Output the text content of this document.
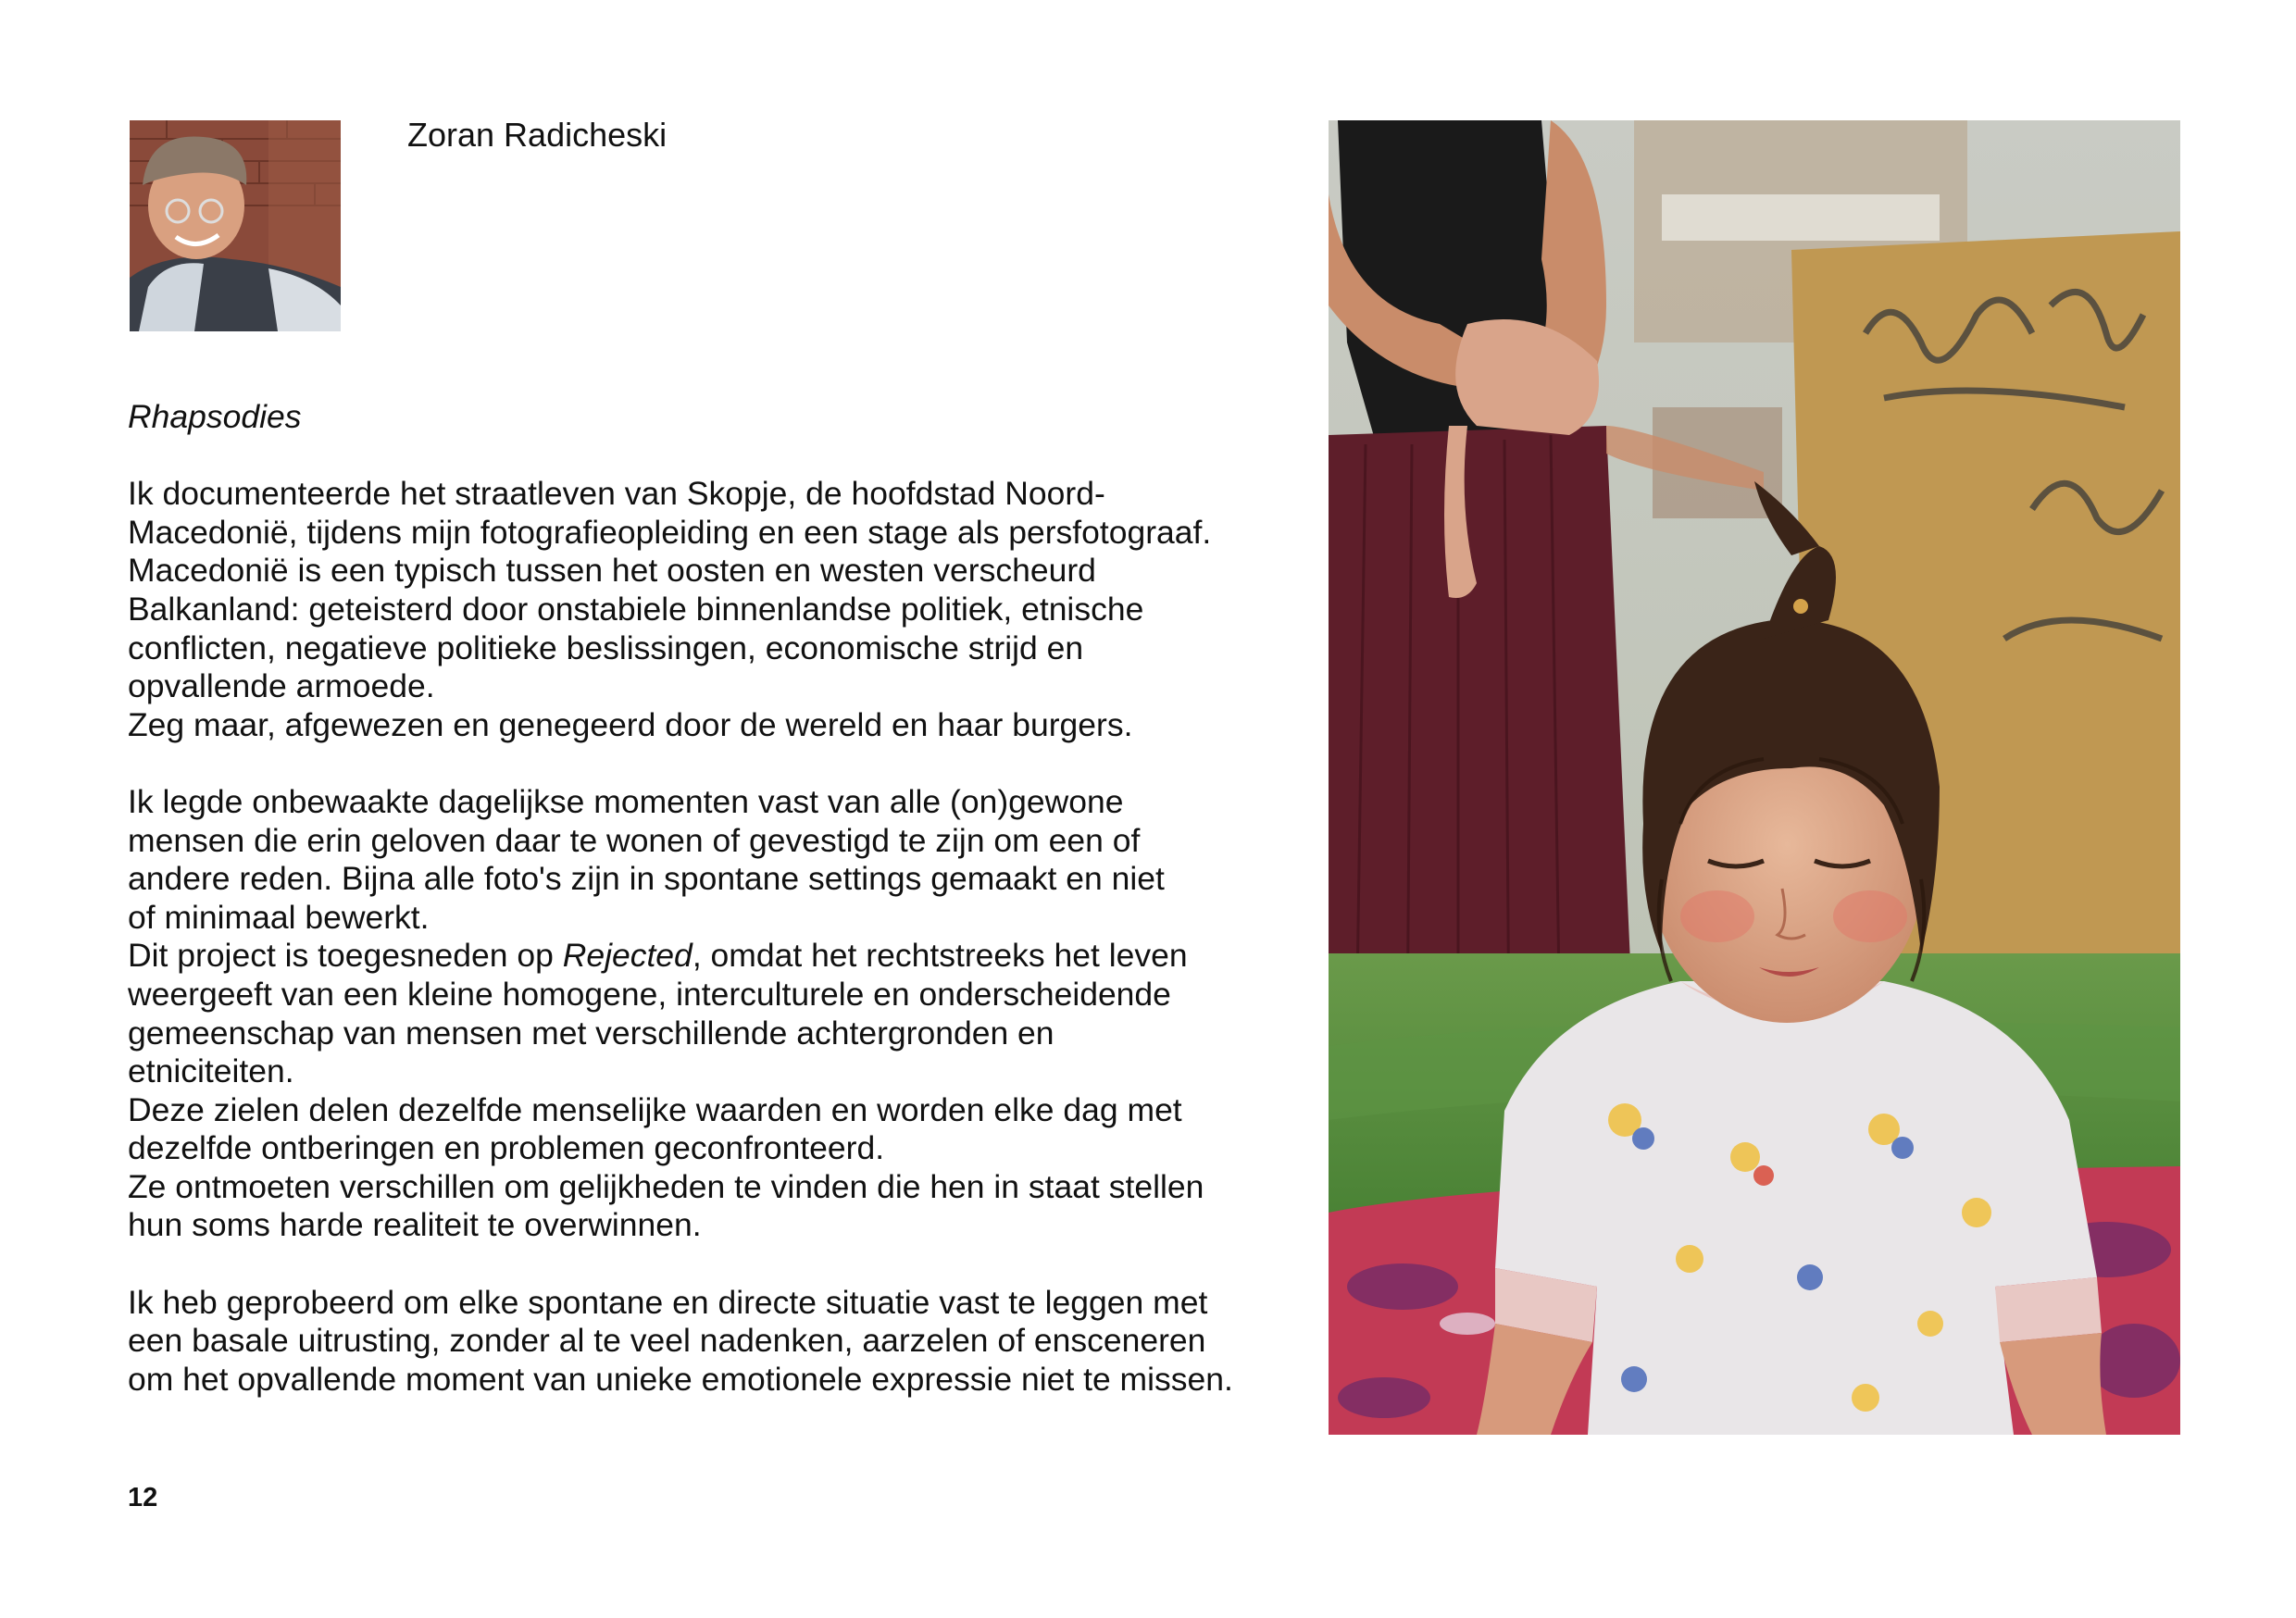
Zoran Radicheski

Rhapsodies

Ik documenteerde het straatleven van Skopje, de hoofdstad Noord-
Macedonië, tijdens mijn fotografieopleiding en een stage als persfotograaf.
Macedonië is een typisch tussen het oosten en westen verscheurd
Balkanland: geteisterd door onstabiele binnenlandse politiek, etnische
conflicten, negatieve politieke beslissingen, economische strijd en
opvallende armoede.
Zeg maar, afgewezen en genegeerd door de wereld en haar burgers.

Ik legde onbewaakte dagelijkse momenten vast van alle (on)gewone
mensen die erin geloven daar te wonen of gevestigd te zijn om een of
andere reden. Bijna alle foto's zijn in spontane settings gemaakt en niet
of minimaal bewerkt.
Dit project is toegesneden op Rejected, omdat het rechtstreeks het leven
weergeeft van een kleine homogene, interculturele en onderscheidende
gemeenschap van mensen met verschillende achtergronden en
etniciteiten.
Deze zielen delen dezelfde menselijke waarden en worden elke dag met
dezelfde ontberingen en problemen geconfronteerd.
Ze ontmoeten verschillen om gelijkheden te vinden die hen in staat stellen
hun soms harde realiteit te overwinnen.

Ik heb geprobeerd om elke spontane en directe situatie vast te leggen met
een basale uitrusting, zonder al te veel nadenken, aarzelen of ensceneren
om het opvallende moment van unieke emotionele expressie niet te missen.

12
